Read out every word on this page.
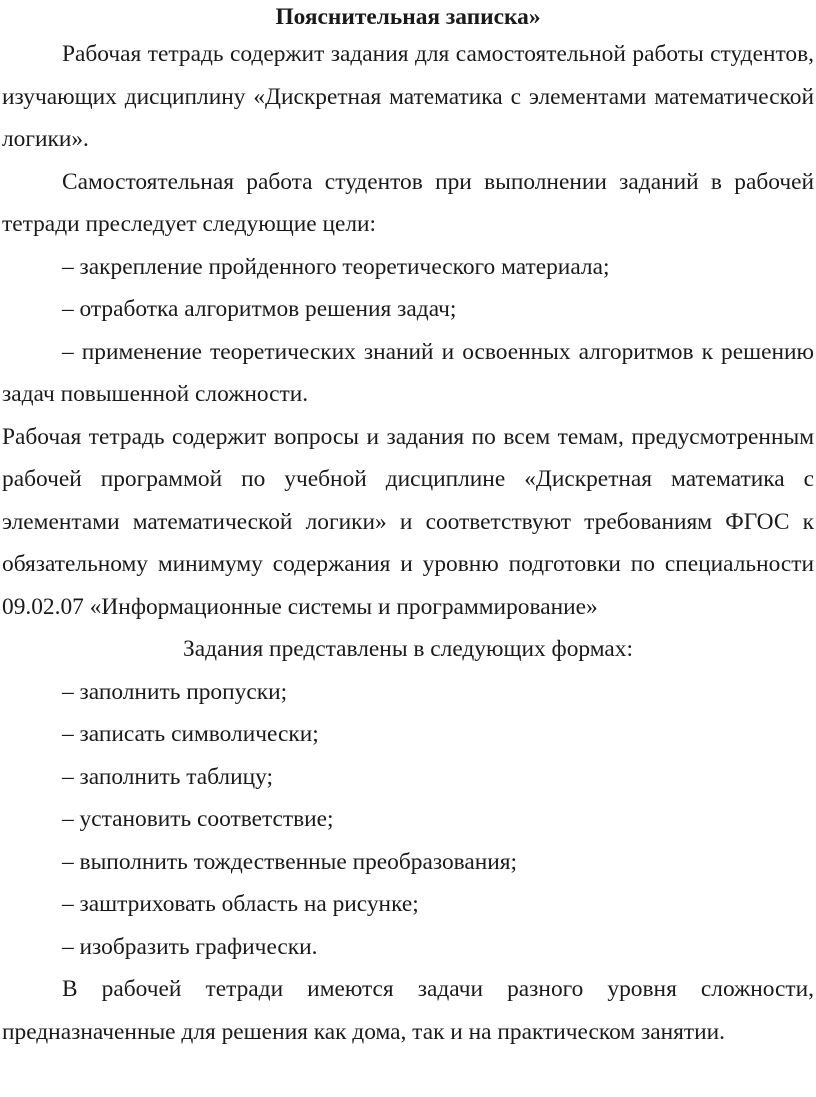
Пояснительная записка»

Рабочая тетрадь содержит задания для самостоятельной работы студентов, изучающих дисциплину «Дискретная математика с элементами математической логики».

Самостоятельная работа студентов при выполнении заданий в рабочей тетради преследует следующие цели:

– закрепление пройденного теоретического материала;

– отработка алгоритмов решения задач;

– применение теоретических знаний и освоенных алгоритмов к решению задач повышенной сложности.

Рабочая тетрадь содержит вопросы и задания по всем темам, предусмотренным рабочей программой по учебной дисциплине «Дискретная математика с элементами математической логики» и соответствуют требованиям ФГОС к обязательному минимуму содержания и уровню подготовки по специальности 09.02.07 «Информационные системы и программирование»

Задания представлены в следующих формах:

– заполнить пропуски;

– записать символически;

– заполнить таблицу;

– установить соответствие;

– выполнить тождественные преобразования;

– заштриховать область на рисунке;

– изобразить графически.

В рабочей тетради имеются задачи разного уровня сложности, предназначенные для решения как дома, так и на практическом занятии.
